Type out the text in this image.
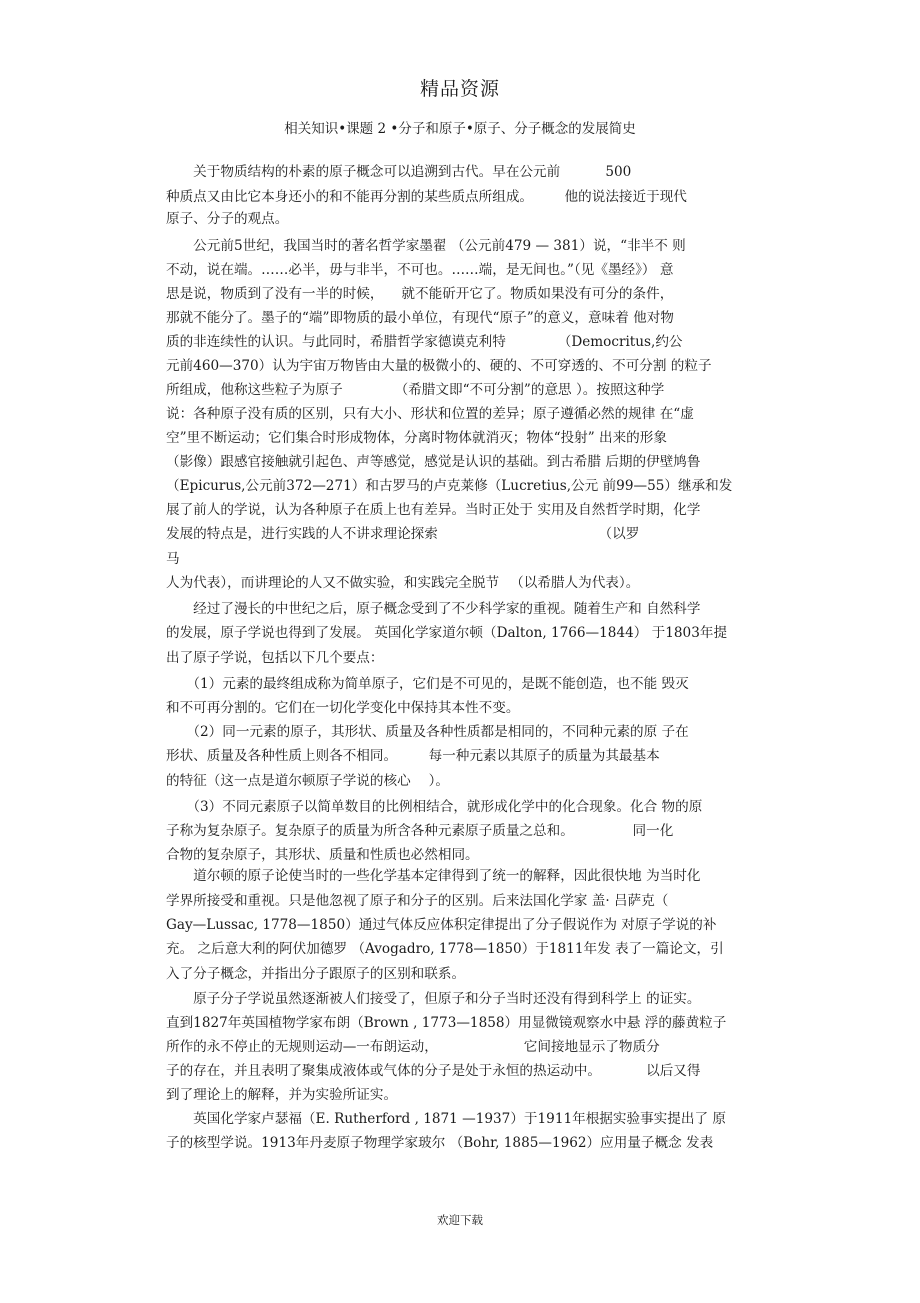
精品资源
相关知识•课题 2 •分子和原子•原子、分子概念的发展简史
　　关于物质结构的朴素的原子概念可以追溯到古代。早在公元前 　　　500
种质点又由比它本身还小的和不能再分割的某些质点所组成。 　　他的说法接近于现代
原子、分子的观点。
　　公元前5世纪，我国当时的著名哲学家墨翟 （公元前479 — 381）说，“非半不 则
不动，说在端。……必半，毋与非半，不可也。……端，是无间也。”（见《墨经》） 意
思是说，物质到了没有一半的时候， 　就不能斫开它了。物质如果没有可分的条件，
那就不能分了。墨子的“端”即物质的最小单位，有现代“原子”的意义，意味着 他对物
质的非连续性的认识。与此同时，希腊哲学家德谟克利特 　　　　（Democritus,约公
元前460—370）认为宇宙万物皆由大量的极微小的、硬的、不可穿透的、不可分割 的粒子
所组成，他称这些粒子为原子 　　　　（希腊文即“不可分割”的意思 ）。按照这种学
说：各种原子没有质的区别，只有大小、形状和位置的差异；原子遵循必然的规律 在“虚
空”里不断运动；它们集合时形成物体，分离时物体就消灭；物体“投射” 出来的形象
（影像）跟感官接触就引起色、声等感觉，感觉是认识的基础。到古希腊 后期的伊壁鸠鲁
（Epicurus,公元前372—271）和古罗马的卢克莱修（Lucretius,公元 前99—55）继承和发
展了前人的学说，认为各种原子在质上也有差异。当时正处于 实用及自然哲学时期，化学
发展的特点是，进行实践的人不讲求理论探索 　　　　　　　　　　　　（以罗
马
人为代表），而讲理论的人又不做实验，和实践完全脱节 　（以希腊人为代表）。
　　经过了漫长的中世纪之后，原子概念受到了不少科学家的重视。随着生产和 自然科学
的发展，原子学说也得到了发展。 英国化学家道尔顿（Dalton, 1766—1844） 于1803年提
出了原子学说，包括以下几个要点：
　　（1）元素的最终组成称为简单原子，它们是不可见的，是既不能创造，也不能 毁灭
和不可再分割的。它们在一切化学变化中保持其本性不变。
　　（2）同一元素的原子，其形状、质量及各种性质都是相同的，不同种元素的原 子在
形状、质量及各种性质上则各不相同。 　　每一种元素以其原子的质量为其最基本
的特征（这一点是道尔顿原子学说的核心 　）。
　　（3）不同元素原子以简单数目的比例相结合，就形成化学中的化合现象。化合 物的原
子称为复杂原子。复杂原子的质量为所含各种元素原子质量之总和。 　　　　同一化
合物的复杂原子，其形状、质量和性质也必然相同。
　　道尔顿的原子论使当时的一些化学基本定律得到了统一的解释，因此很快地 为当时化
学界所接受和重视。只是他忽视了原子和分子的区别。后来法国化学家 盖· 吕萨克（
Gay—Lussac, 1778—1850）通过气体反应体积定律提出了分子假说作为 对原子学说的补
充。 之后意大利的阿伏加德罗 （Avogadro, 1778—1850）于1811年发 表了一篇论文，引
入了分子概念，并指出分子跟原子的区别和联系。
　　原子分子学说虽然逐渐被人们接受了，但原子和分子当时还没有得到科学上 的证实。
直到1827年英国植物学家布朗（Brown , 1773—1858）用显微镜观察水中悬 浮的藤黄粒子
所作的永不停止的无规则运动—一布朗运动， 　　　　　　它间接地显示了物质分
子的存在，并且表明了聚集成液体或气体的分子是处于永恒的热运动中。 　　　以后又得
到了理论上的解释，并为实验所证实。
　　英国化学家卢瑟福（E. Rutherford , 1871 —1937）于1911年根据实验事实提出了 原
子的核型学说。1913年丹麦原子物理学家玻尔 （Bohr, 1885—1962）应用量子概念 发表
欢迎下载
